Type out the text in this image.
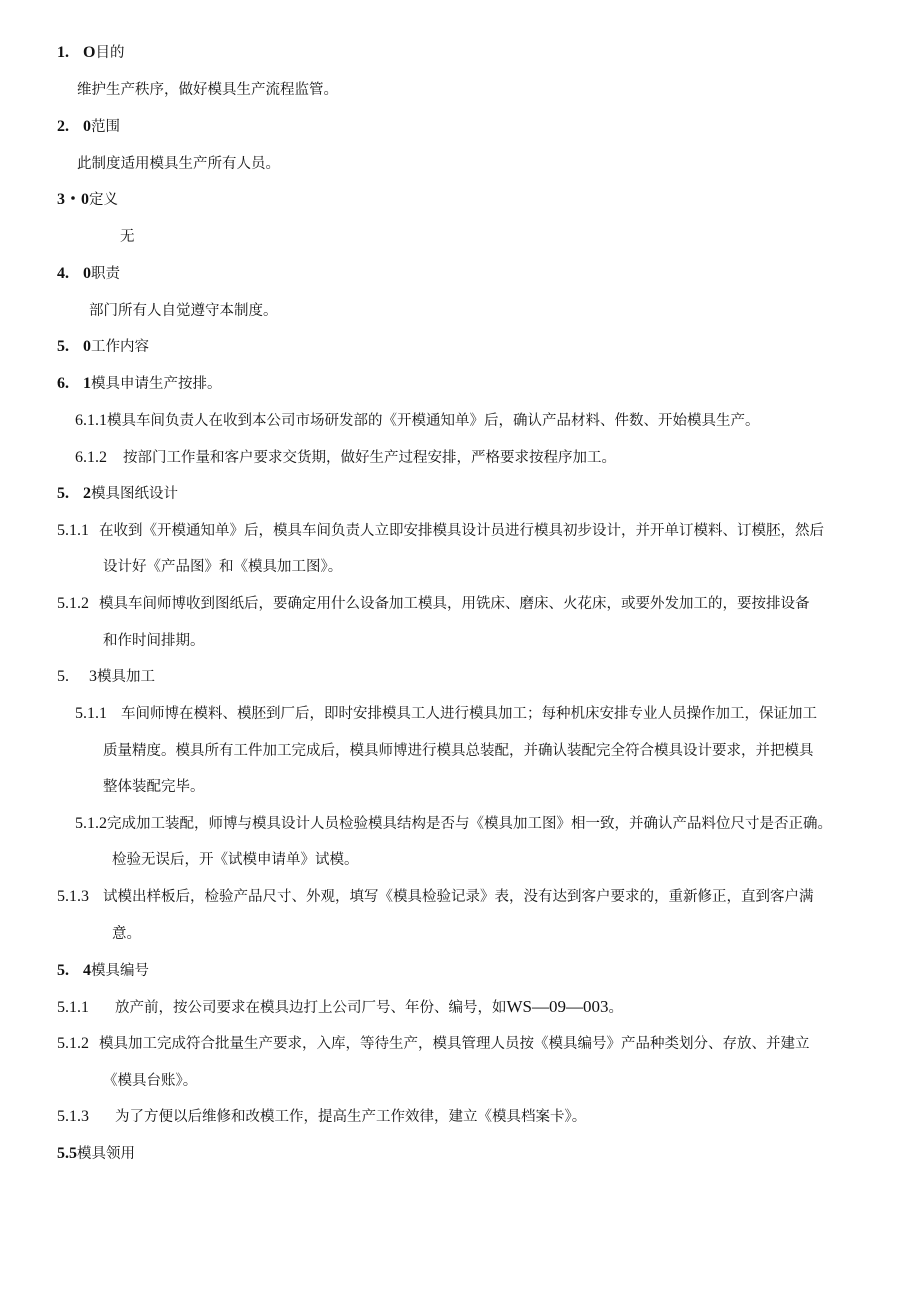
1. O目的
维护生产秩序，做好模具生产流程监管。
2. 0范围
此制度适用模具生产所有人员。
3・0定义
无
4. 0职责
部门所有人自觉遵守本制度。
5. 0工作内容
6. 1模具申请生产按排。
6.1.1模具车间负责人在收到本公司市场研发部的《开模通知单》后，确认产品材料、件数、开始模具生产。
6.1.2 按部门工作量和客户要求交货期，做好生产过程安排，严格要求按程序加工。
5. 2模具图纸设计
5.1.1 在收到《开模通知单》后，模具车间负责人立即安排模具设计员进行模具初步设计，并开单订模料、订模胚，然后
设计好《产品图》和《模具加工图》。
5.1.2 模具车间师博收到图纸后，要确定用什么设备加工模具，用铣床、磨床、火花床，或要外发加工的，要按排设备
和作时间排期。
5. 3模具加工
5.1.1 车间师博在模料、模胚到厂后，即时安排模具工人进行模具加工；每种机床安排专业人员操作加工，保证加工
质量精度。模具所有工件加工完成后，模具师博进行模具总装配，并确认装配完全符合模具设计要求，并把模具
整体装配完毕。
5.1.2完成加工装配，师博与模具设计人员检验模具结构是否与《模具加工图》相一致，并确认产品料位尺寸是否正确。
检验无误后，开《试模申请单》试模。
5.1.3 试模出样板后，检验产品尺寸、外观，填写《模具检验记录》表，没有达到客户要求的，重新修正，直到客户满
意。
5. 4模具编号
5.1.1 放产前，按公司要求在模具边打上公司厂号、年份、编号，如WS—09—003。
5.1.2 模具加工完成符合批量生产要求，入库，等待生产，模具管理人员按《模具编号》产品种类划分、存放、并建立
《模具台账》。
5.1.3 为了方便以后维修和改模工作，提高生产工作效律，建立《模具档案卡》。
5.5模具领用
